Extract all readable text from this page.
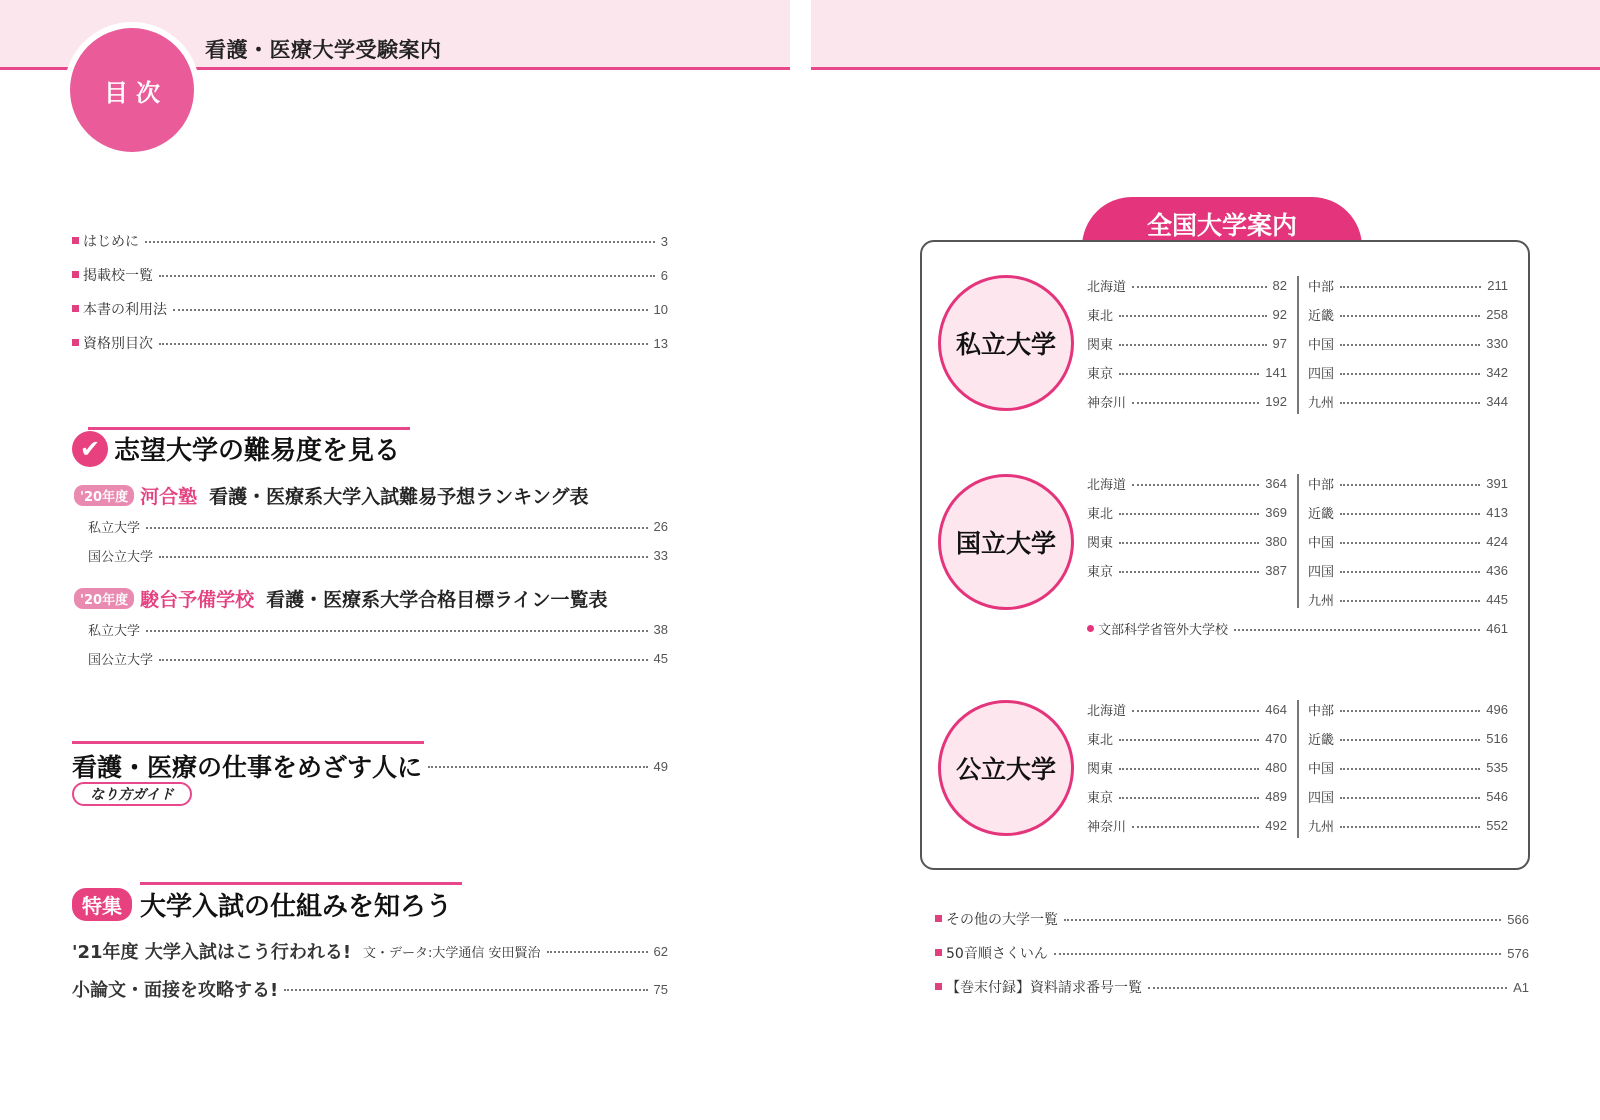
目次
看護・医療大学受験案内
はじめに	3
掲載校一覧	6
本書の利用法	10
資格別目次	13
✔ 志望大学の難易度を見る
'20年度 河合塾 看護・医療系大学入試難易予想ランキング表
私立大学	26
国公立大学	33
'20年度 駿台予備学校 看護・医療系大学合格目標ライン一覧表
私立大学	38
国公立大学	45
看護・医療の仕事をめざす人に	49
なり方ガイド
特集 大学入試の仕組みを知ろう
'21年度 大学入試はこう行われる! 文・データ:大学通信 安田賢治	62
小論文・面接を攻略する!	75
全国大学案内
私立大学
北海道	82
東北	92
関東	97
東京	141
神奈川	192
中部	211
近畿	258
中国	330
四国	342
九州	344
国立大学
北海道	364
東北	369
関東	380
東京	387
中部	391
近畿	413
中国	424
四国	436
九州	445
文部科学省管外大学校	461
公立大学
北海道	464
東北	470
関東	480
東京	489
神奈川	492
中部	496
近畿	516
中国	535
四国	546
九州	552
その他の大学一覧	566
50音順さくいん	576
【巻末付録】資料請求番号一覧	A1
